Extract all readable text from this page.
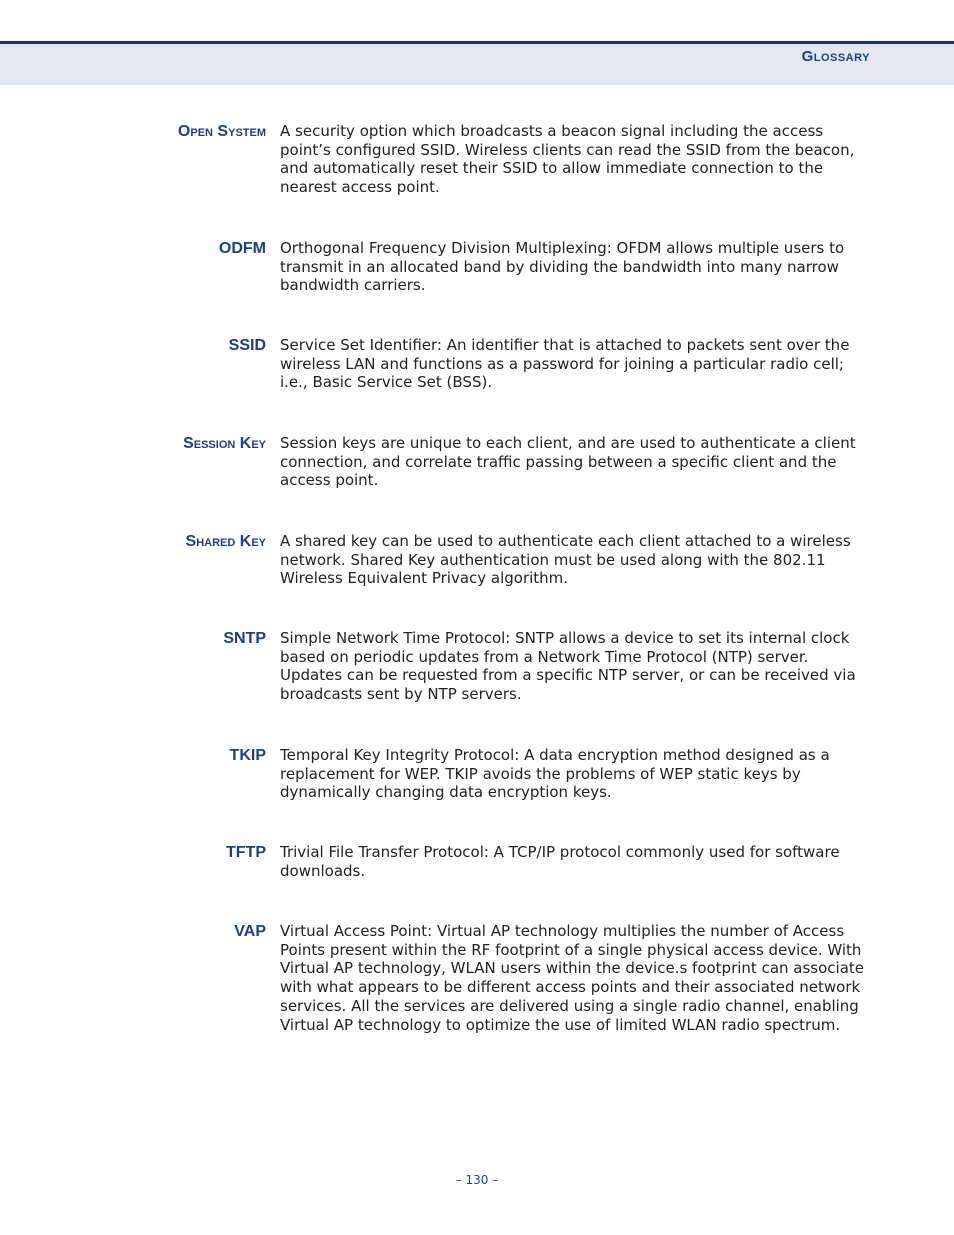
Glossary
Open System A security option which broadcasts a beacon signal including the access point’s configured SSID. Wireless clients can read the SSID from the beacon, and automatically reset their SSID to allow immediate connection to the nearest access point.
ODFM Orthogonal Frequency Division Multiplexing: OFDM allows multiple users to transmit in an allocated band by dividing the bandwidth into many narrow bandwidth carriers.
SSID Service Set Identifier: An identifier that is attached to packets sent over the wireless LAN and functions as a password for joining a particular radio cell; i.e., Basic Service Set (BSS).
Session Key Session keys are unique to each client, and are used to authenticate a client connection, and correlate traffic passing between a specific client and the access point.
Shared Key A shared key can be used to authenticate each client attached to a wireless network. Shared Key authentication must be used along with the 802.11 Wireless Equivalent Privacy algorithm.
SNTP Simple Network Time Protocol: SNTP allows a device to set its internal clock based on periodic updates from a Network Time Protocol (NTP) server. Updates can be requested from a specific NTP server, or can be received via broadcasts sent by NTP servers.
TKIP Temporal Key Integrity Protocol: A data encryption method designed as a replacement for WEP. TKIP avoids the problems of WEP static keys by dynamically changing data encryption keys.
TFTP Trivial File Transfer Protocol: A TCP/IP protocol commonly used for software downloads.
VAP Virtual Access Point: Virtual AP technology multiplies the number of Access Points present within the RF footprint of a single physical access device. With Virtual AP technology, WLAN users within the device.s footprint can associate with what appears to be different access points and their associated network services. All the services are delivered using a single radio channel, enabling Virtual AP technology to optimize the use of limited WLAN radio spectrum.
– 130 –
